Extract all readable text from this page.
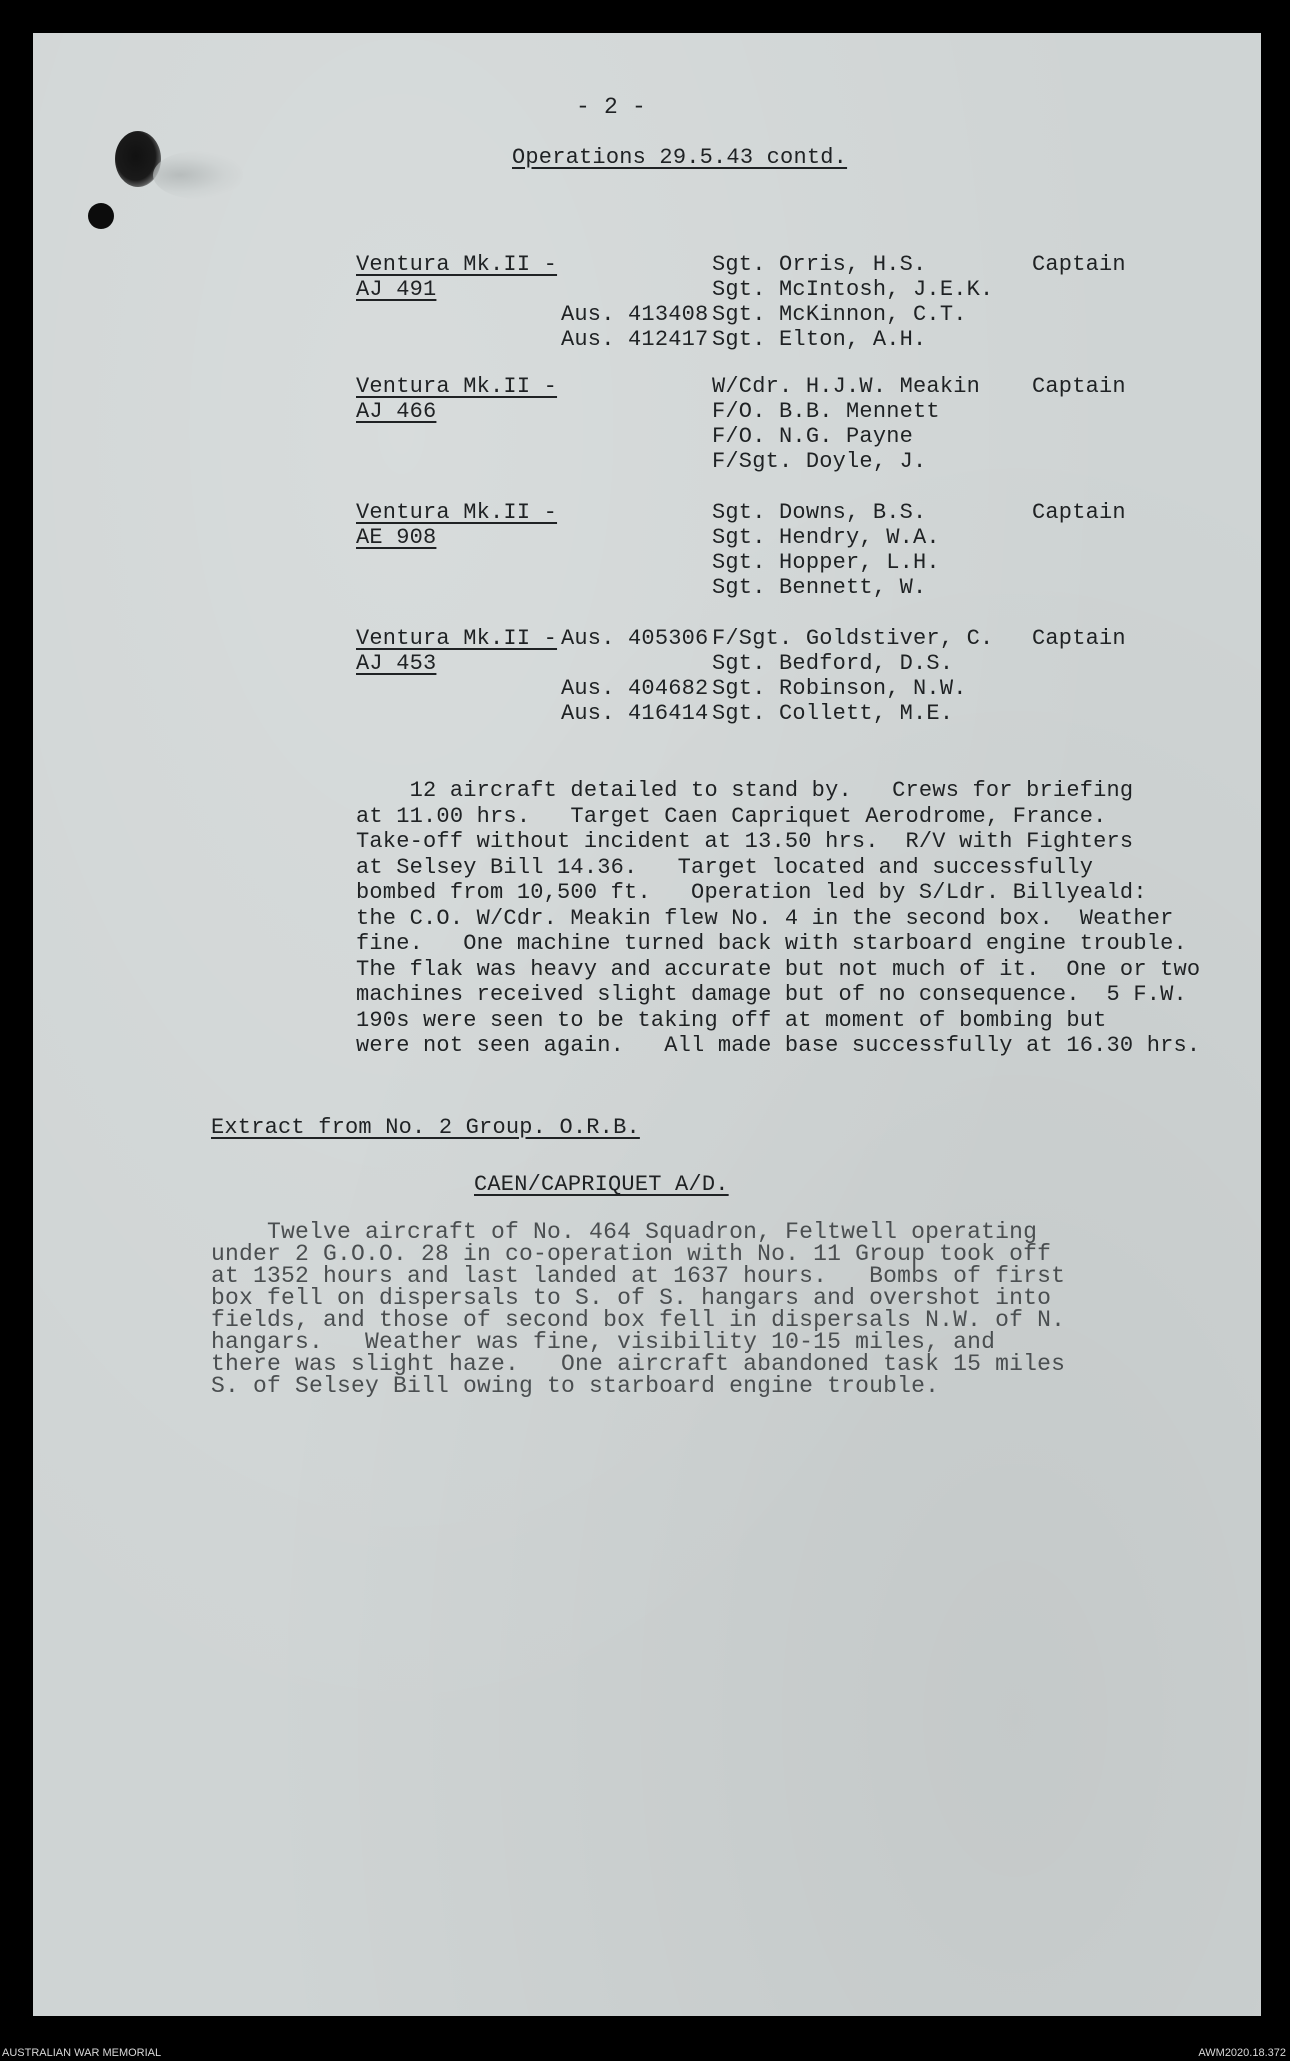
- 2 -
Operations 29.5.43 contd.
Ventura Mk.II -
AJ 491
Captain
Sgt. Orris, H.S.
Sgt. McIntosh, J.E.K.
Aus. 413408 Sgt. McKinnon, C.T.
Aus. 412417 Sgt. Elton, A.H.
Ventura Mk.II -
AJ 466
Captain
W/Cdr. H.J.W. Meakin
F/O. B.B. Mennett
F/O. N.G. Payne
F/Sgt. Doyle, J.
Ventura Mk.II -
AE 908
Captain
Sgt. Downs, B.S.
Sgt. Hendry, W.A.
Sgt. Hopper, L.H.
Sgt. Bennett, W.
Ventura Mk.II -
AJ 453
Captain
Aus. 405306 F/Sgt. Goldstiver, C.
Sgt. Bedford, D.S.
Aus. 404682 Sgt. Robinson, N.W.
Aus. 416414 Sgt. Collett, M.E.
12 aircraft detailed to stand by.   Crews for briefing
at 11.00 hrs.   Target Caen Capriquet Aerodrome, France.
Take-off without incident at 13.50 hrs.  R/V with Fighters
at Selsey Bill 14.36.   Target located and successfully
bombed from 10,500 ft.   Operation led by S/Ldr. Billyeald:
the C.O. W/Cdr. Meakin flew No. 4 in the second box.  Weather
fine.   One machine turned back with starboard engine trouble.
The flak was heavy and accurate but not much of it.  One or two
machines received slight damage but of no consequence.  5 F.W.
190s were seen to be taking off at moment of bombing but
were not seen again.   All made base successfully at 16.30 hrs.
Extract from No. 2 Group. O.R.B.
CAEN/CAPRIQUET A/D.
Twelve aircraft of No. 464 Squadron, Feltwell operating
under 2 G.O.O. 28 in co-operation with No. 11 Group took off
at 1352 hours and last landed at 1637 hours.   Bombs of first
box fell on dispersals to S. of S. hangars and overshot into
fields, and those of second box fell in dispersals N.W. of N.
hangars.   Weather was fine, visibility 10-15 miles, and
there was slight haze.   One aircraft abandoned task 15 miles
S. of Selsey Bill owing to starboard engine trouble.
AUSTRALIAN WAR MEMORIAL	AWM2020.18.372
